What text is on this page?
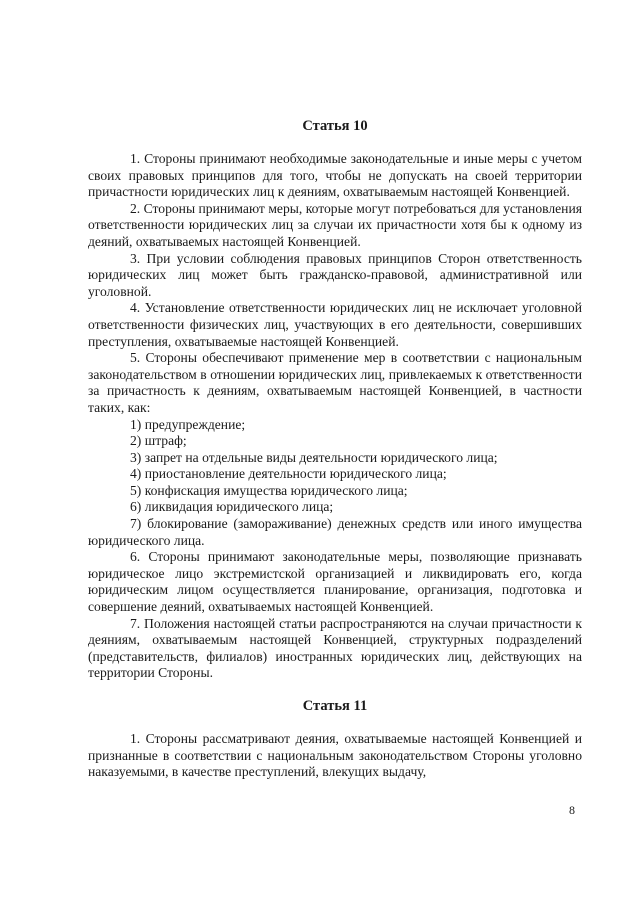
Статья 10

1. Стороны принимают необходимые законодательные и иные меры с учетом своих правовых принципов для того, чтобы не допускать на своей территории причастности юридических лиц к деяниям, охватываемым настоящей Конвенцией.

2. Стороны принимают меры, которые могут потребоваться для установления ответственности юридических лиц за случаи их причастности хотя бы к одному из деяний, охватываемых настоящей Конвенцией.

3. При условии соблюдения правовых принципов Сторон ответственность юридических лиц может быть гражданско-правовой, административной или уголовной.

4. Установление ответственности юридических лиц не исключает уголовной ответственности физических лиц, участвующих в его деятельности, совершивших преступления, охватываемые настоящей Конвенцией.

5. Стороны обеспечивают применение мер в соответствии с национальным законодательством в отношении юридических лиц, привлекаемых к ответственности за причастность к деяниям, охватываемым настоящей Конвенцией, в частности таких, как:

1) предупреждение;

2) штраф;

3) запрет на отдельные виды деятельности юридического лица;

4) приостановление деятельности юридического лица;

5) конфискация имущества юридического лица;

6) ликвидация юридического лица;

7) блокирование (замораживание) денежных средств или иного имущества юридического лица.

6. Стороны принимают законодательные меры, позволяющие признавать юридическое лицо экстремистской организацией и ликвидировать его, когда юридическим лицом осуществляется планирование, организация, подготовка и совершение деяний, охватываемых настоящей Конвенцией.

7. Положения настоящей статьи распространяются на случаи причастности к деяниям, охватываемым настоящей Конвенцией, структурных подразделений (представительств, филиалов) иностранных юридических лиц, действующих на территории Стороны.

Статья 11

1. Стороны рассматривают деяния, охватываемые настоящей Конвенцией и признанные в соответствии с национальным законодательством Стороны уголовно наказуемыми, в качестве преступлений, влекущих выдачу,

8
